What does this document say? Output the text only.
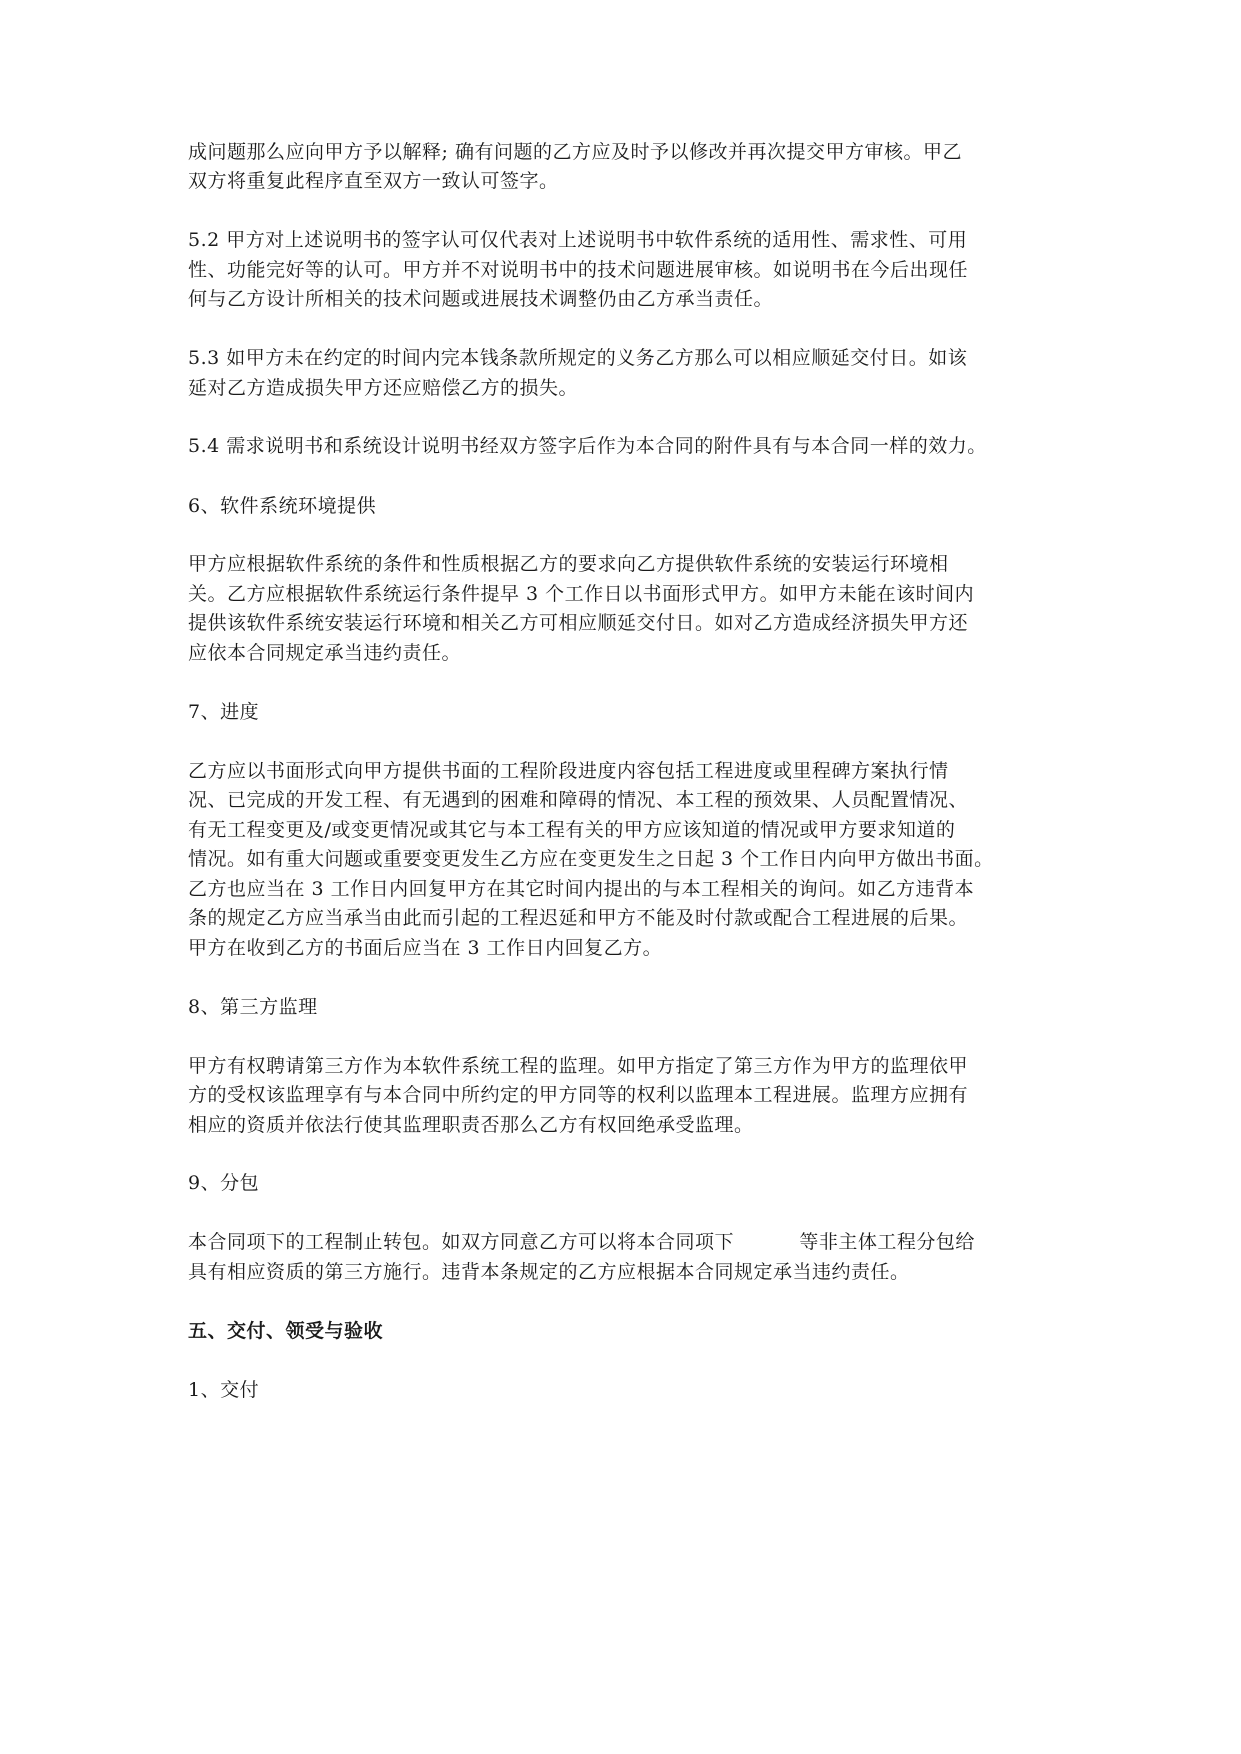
成问题那么应向甲方予以解释; 确有问题的乙方应及时予以修改并再次提交甲方审核。甲乙
双方将重复此程序直至双方一致认可签字。
5.2 甲方对上述说明书的签字认可仅代表对上述说明书中软件系统的适用性、需求性、可用
性、功能完好等的认可。甲方并不对说明书中的技术问题进展审核。如说明书在今后出现任
何与乙方设计所相关的技术问题或进展技术调整仍由乙方承当责任。
5.3 如甲方未在约定的时间内完本钱条款所规定的义务乙方那么可以相应顺延交付日。如该
延对乙方造成损失甲方还应赔偿乙方的损失。
5.4 需求说明书和系统设计说明书经双方签字后作为本合同的附件具有与本合同一样的效力。
6、软件系统环境提供
甲方应根据软件系统的条件和性质根据乙方的要求向乙方提供软件系统的安装运行环境相
关。乙方应根据软件系统运行条件提早 3 个工作日以书面形式甲方。如甲方未能在该时间内
提供该软件系统安装运行环境和相关乙方可相应顺延交付日。如对乙方造成经济损失甲方还
应依本合同规定承当违约责任。
7、进度
乙方应以书面形式向甲方提供书面的工程阶段进度内容包括工程进度或里程碑方案执行情
况、已完成的开发工程、有无遇到的困难和障碍的情况、本工程的预效果、人员配置情况、
有无工程变更及/或变更情况或其它与本工程有关的甲方应该知道的情况或甲方要求知道的
情况。如有重大问题或重要变更发生乙方应在变更发生之日起 3 个工作日内向甲方做出书面。
乙方也应当在 3 工作日内回复甲方在其它时间内提出的与本工程相关的询问。如乙方违背本
条的规定乙方应当承当由此而引起的工程迟延和甲方不能及时付款或配合工程进展的后果。
甲方在收到乙方的书面后应当在 3 工作日内回复乙方。
8、第三方监理
甲方有权聘请第三方作为本软件系统工程的监理。如甲方指定了第三方作为甲方的监理依甲
方的受权该监理享有与本合同中所约定的甲方同等的权利以监理本工程进展。监理方应拥有
相应的资质并依法行使其监理职责否那么乙方有权回绝承受监理。
9、分包
本合同项下的工程制止转包。如双方同意乙方可以将本合同项下          等非主体工程分包给
具有相应资质的第三方施行。违背本条规定的乙方应根据本合同规定承当违约责任。
五、交付、领受与验收
1、交付
